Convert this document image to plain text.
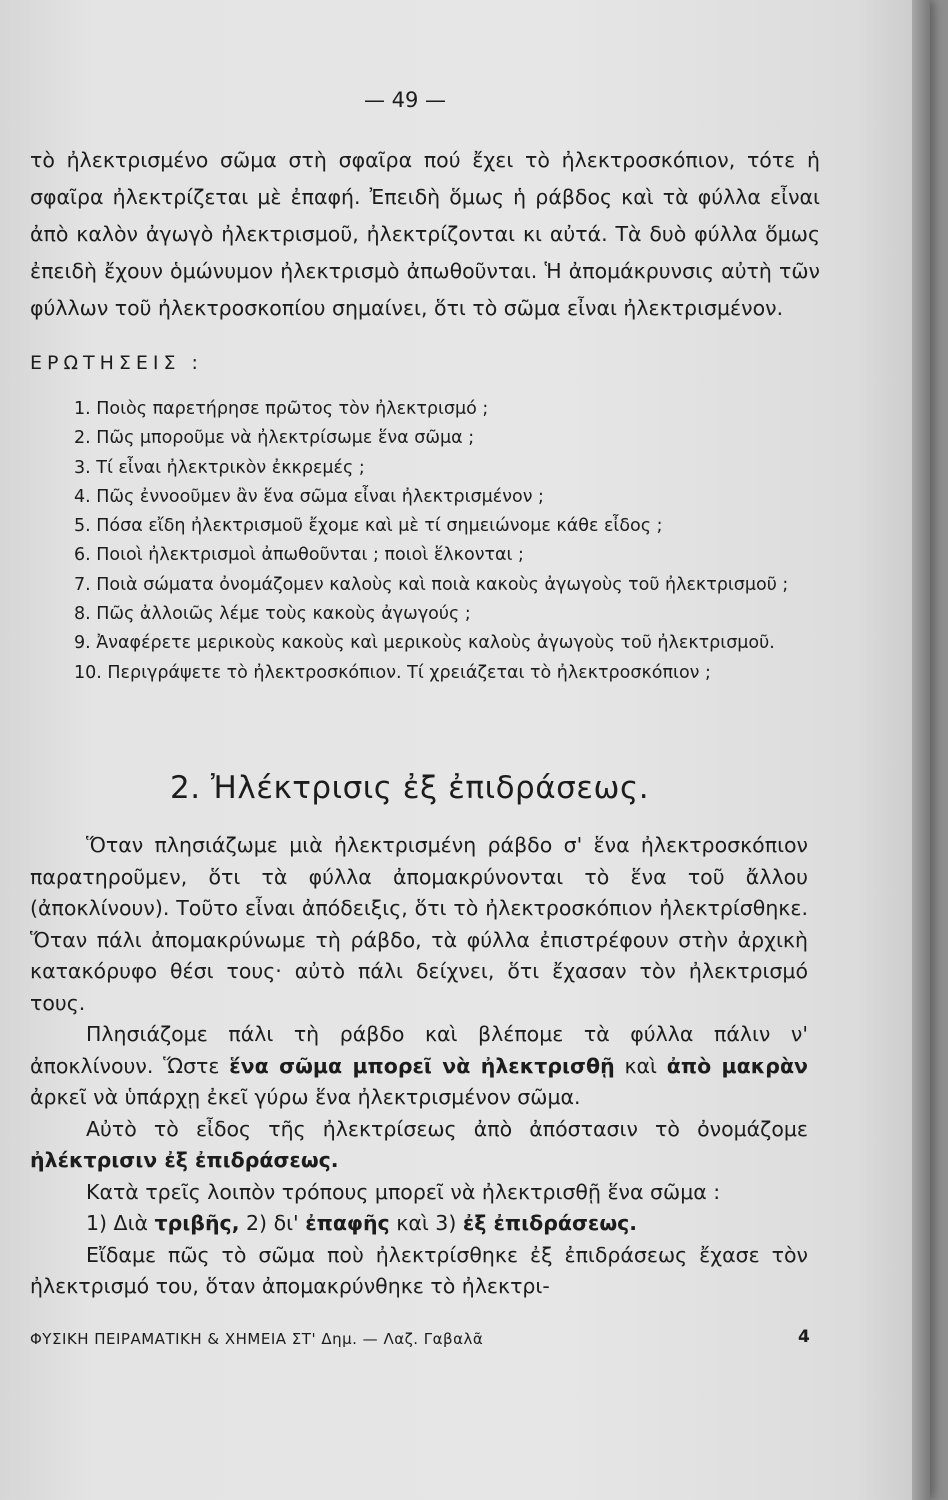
— 49 —
τὸ ἠλεκτρισμένο σῶμα στὴ σφαῖρα πού ἔχει τὸ ἠλεκτροσκόπιον, τότε ἡ σφαῖρα ἠλεκτρίζεται μὲ ἐπαφή. Ἐπειδὴ ὅμως ἡ ράβδος καὶ τὰ φύλλα εἶναι ἀπὸ καλὸν ἀγωγὸ ἠλεκτρισμοῦ, ἠλεκτρίζονται κι αὐτά. Τὰ δυὸ φύλλα ὅμως ἐπειδὴ ἔχουν ὁμώνυμον ἠλεκτρισμὸ ἀπωθοῦνται. Ἡ ἀπομάκρυνσις αὐτὴ τῶν φύλλων τοῦ ἠλεκτροσκοπίου σημαίνει, ὅτι τὸ σῶμα εἶναι ἠλεκτρισμένον.
ΕΡΩΤΗΣΕΙΣ :
1. Ποιὸς παρετήρησε πρῶτος τὸν ἠλεκτρισμό ;
2. Πῶς μποροῦμε νὰ ἠλεκτρίσωμε ἕνα σῶμα ;
3. Τί εἶναι ἠλεκτρικὸν ἐκκρεμές ;
4. Πῶς ἐννοοῦμεν ἂν ἕνα σῶμα εἶναι ἠλεκτρισμένον ;
5. Πόσα εἴδη ἠλεκτρισμοῦ ἔχομε καὶ μὲ τί σημειώνομε κάθε εἶδος ;
6. Ποιοὶ ἠλεκτρισμοὶ ἀπωθοῦνται ; ποιοὶ ἕλκονται ;
7. Ποιὰ σώματα ὀνομάζομεν καλοὺς καὶ ποιὰ κακοὺς ἀγωγοὺς τοῦ ἠλεκτρισμοῦ ;
8. Πῶς ἀλλοιῶς λέμε τοὺς κακοὺς ἀγωγούς ;
9. Ἀναφέρετε μερικοὺς κακοὺς καὶ μερικοὺς καλοὺς ἀγωγοὺς τοῦ ἠλεκτρισμοῦ.
10. Περιγράψετε τὸ ἠλεκτροσκόπιον. Τί χρειάζεται τὸ ἠλεκτροσκόπιον ;
2. Ἠλέκτρισις ἐξ ἐπιδράσεως.

Ὅταν πλησιάζωμε μιὰ ἠλεκτρισμένη ράβδο σ' ἕνα ἠλεκτροσκόπιον παρατηροῦμεν, ὅτι τὰ φύλλα ἀπομακρύνονται τὸ ἕνα τοῦ ἄλλου (ἀποκλίνουν). Τοῦτο εἶναι ἀπόδειξις, ὅτι τὸ ἠλεκτροσκόπιον ἠλεκτρίσθηκε. Ὅταν πάλι ἀπομακρύνωμε τὴ ράβδο, τὰ φύλλα ἐπιστρέφουν στὴν ἀρχικὴ κατακόρυφο θέσι τους· αὐτὸ πάλι δείχνει, ὅτι ἔχασαν τὸν ἠλεκτρισμό τους.

Πλησιάζομε πάλι τὴ ράβδο καὶ βλέπομε τὰ φύλλα πάλιν ν' ἀποκλίνουν. Ὥστε ἕνα σῶμα μπορεῖ νὰ ἠλεκτρισθῇ καὶ ἀπὸ μακρὰν ἀρκεῖ νὰ ὑπάρχῃ ἐκεῖ γύρω ἕνα ἠλεκτρισμένον σῶμα.

Αὐτὸ τὸ εἶδος τῆς ἠλεκτρίσεως ἀπὸ ἀπόστασιν τὸ ὀνομάζομε ἠλέκτρισιν ἐξ ἐπιδράσεως.

Κατὰ τρεῖς λοιπὸν τρόπους μπορεῖ νὰ ἠλεκτρισθῇ ἕνα σῶμα :

1) Διὰ τριβῆς, 2) δι' ἐπαφῆς καὶ 3) ἐξ ἐπιδράσεως.

Εἴδαμε πῶς τὸ σῶμα ποὺ ἠλεκτρίσθηκε ἐξ ἐπιδράσεως ἔχασε τὸν ἠλεκτρισμό του, ὅταν ἀπομακρύνθηκε τὸ ἠλεκτρι-

ΦΥΣΙΚΗ ΠΕΙΡΑΜΑΤΙΚΗ & ΧΗΜΕΙΑ ΣΤ' Δημ. — Λαζ. Γαβαλᾶ	4
